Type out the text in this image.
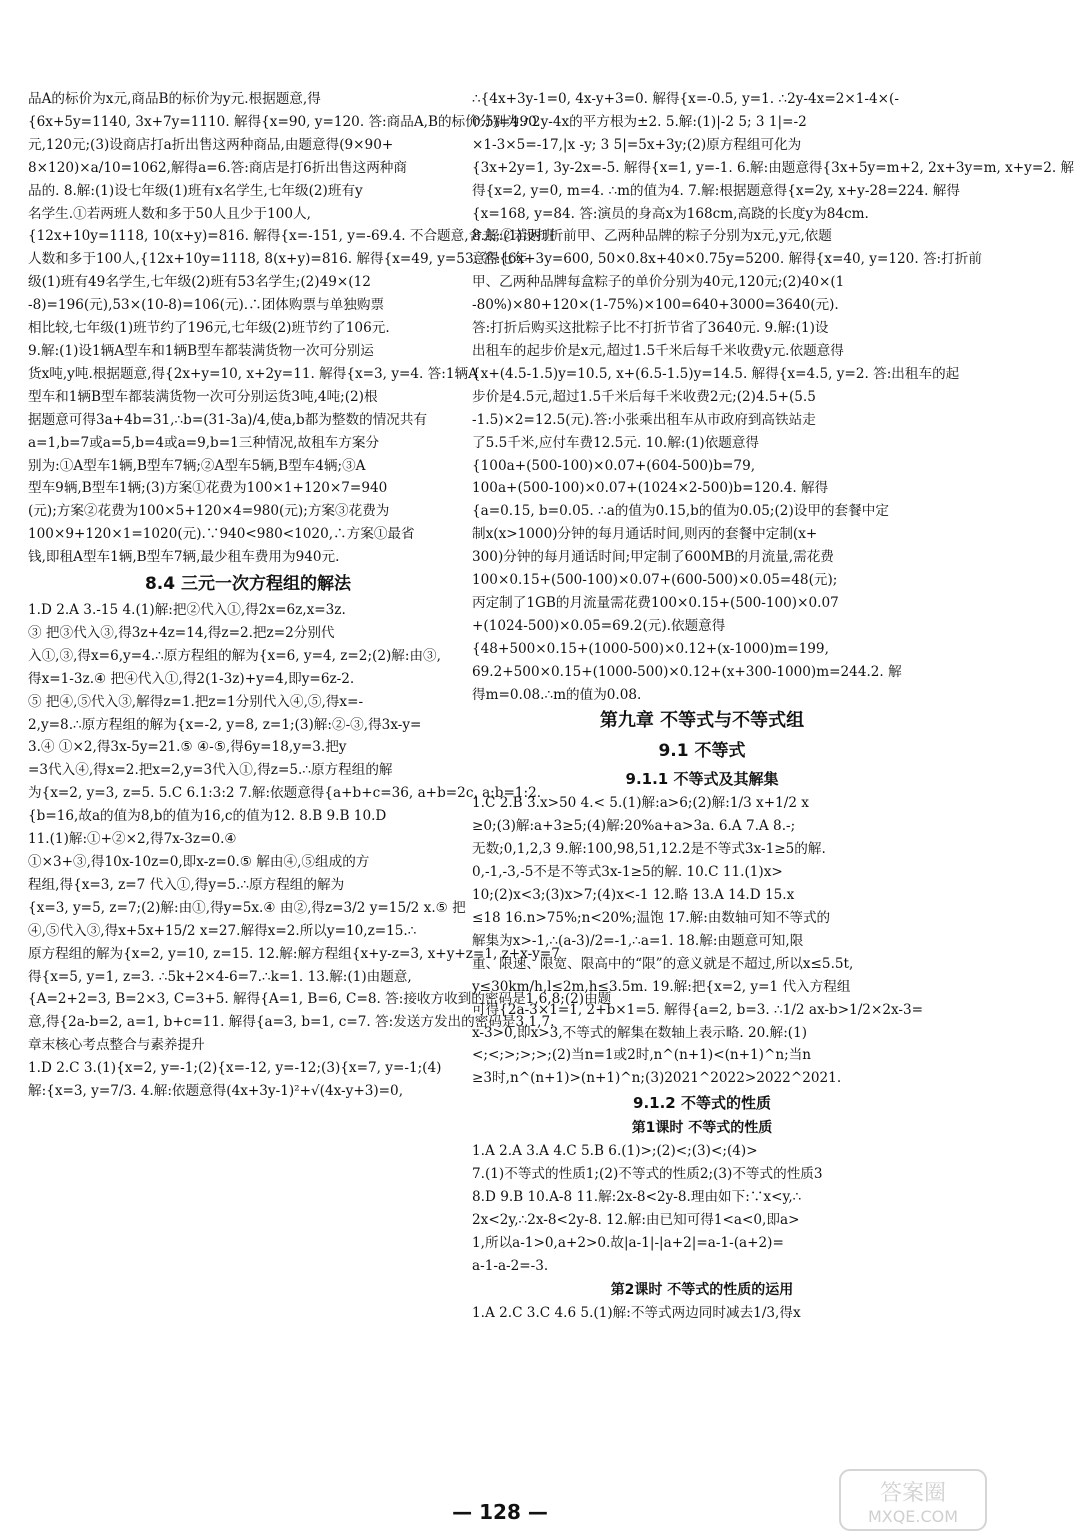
品A的标价为x元,商品B的标价为y元.根据题意,得
{6x+5y=1140, 3x+7y=1110. 解得{x=90, y=120. 答:商品A,B的标价分别为90
元,120元;(3)设商店打a折出售这两种商品,由题意得(9×90+
8×120)×a/10=1062,解得a=6.答:商店是打6折出售这两种商
品的. 8.解:(1)设七年级(1)班有x名学生,七年级(2)班有y
名学生.①若两班人数和多于50人且少于100人,
{12x+10y=1118, 10(x+y)=816. 解得{x=-151, y=-69.4. 不合题意,舍去;②若两班
人数和多于100人,{12x+10y=1118, 8(x+y)=816. 解得{x=49, y=53. 答:七年
级(1)班有49名学生,七年级(2)班有53名学生;(2)49×(12
-8)=196(元),53×(10-8)=106(元).∴团体购票与单独购票
相比较,七年级(1)班节约了196元,七年级(2)班节约了106元.
9.解:(1)设1辆A型车和1辆B型车都装满货物一次可分别运
货x吨,y吨.根据题意,得{2x+y=10, x+2y=11. 解得{x=3, y=4. 答:1辆A
型车和1辆B型车都装满货物一次可分别运货3吨,4吨;(2)根
据题意可得3a+4b=31,∴b=(31-3a)/4,使a,b都为整数的情况共有
a=1,b=7或a=5,b=4或a=9,b=1三种情况,故租车方案分
别为:①A型车1辆,B型车7辆;②A型车5辆,B型车4辆;③A
型车9辆,B型车1辆;(3)方案①花费为100×1+120×7=940
(元);方案②花费为100×5+120×4=980(元);方案③花费为
100×9+120×1=1020(元).∵940<980<1020,∴方案①最省
钱,即租A型车1辆,B型车7辆,最少租车费用为940元.
8.4 三元一次方程组的解法
1.D 2.A 3.-15 4.(1)解:把②代入①,得2x=6z,x=3z.
③ 把③代入③,得3z+4z=14,得z=2.把z=2分别代
入①,③,得x=6,y=4.∴原方程组的解为{x=6, y=4, z=2;(2)解:由③,
得x=1-3z.④ 把④代入①,得2(1-3z)+y=4,即y=6z-2.
⑤ 把④,⑤代入③,解得z=1.把z=1分别代入④,⑤,得x=-
2,y=8.∴原方程组的解为{x=-2, y=8, z=1;(3)解:②-③,得3x-y=
3.④ ①×2,得3x-5y=21.⑤ ④-⑤,得6y=18,y=3.把y
=3代入④,得x=2.把x=2,y=3代入①,得z=5.∴原方程组的解
为{x=2, y=3, z=5. 5.C 6.1:3:2 7.解:依题意得{a+b+c=36, a+b=2c, a:b=1:2.
{b=16,故a的值为8,b的值为16,c的值为12. 8.B 9.B 10.D
11.(1)解:①+②×2,得7x-3z=0.④
①×3+③,得10x-10z=0,即x-z=0.⑤ 解由④,⑤组成的方
程组,得{x=3, z=7 代入①,得y=5.∴原方程组的解为
{x=3, y=5, z=7;(2)解:由①,得y=5x.④ 由②,得z=3/2 y=15/2 x.⑤ 把
④,⑤代入③,得x+5x+15/2 x=27.解得x=2.所以y=10,z=15.∴
原方程组的解为{x=2, y=10, z=15. 12.解:解方程组{x+y-z=3, x+y+z=1, z+x-y=7
得{x=5, y=1, z=3. ∴5k+2×4-6=7.∴k=1. 13.解:(1)由题意,
{A=2+2=3, B=2×3, C=3+5. 解得{A=1, B=6, C=8. 答:接收方收到的密码是1,6,8;(2)由题
意,得{2a-b=2, a=1, b+c=11. 解得{a=3, b=1, c=7. 答:发送方发出的密码是3,1,7.
章末核心考点整合与素养提升
1.D 2.C 3.(1){x=2, y=-1;(2){x=-12, y=-12;(3){x=7, y=-1;(4)
解:{x=3, y=7/3. 4.解:依题意得(4x+3y-1)²+√(4x-y+3)=0,
∴{4x+3y-1=0, 4x-y+3=0. 解得{x=-0.5, y=1. ∴2y-4x=2×1-4×(-
0.5)=4.∴2y-4x的平方根为±2. 5.解:(1)|-2 5; 3 1|=-2
×1-3×5=-17,|x -y; 3 5|=5x+3y;(2)原方程组可化为
{3x+2y=1, 3y-2x=-5. 解得{x=1, y=-1. 6.解:由题意得{3x+5y=m+2, 2x+3y=m, x+y=2. 解
得{x=2, y=0, m=4. ∴m的值为4. 7.解:根据题意得{x=2y, x+y-28=224. 解得
{x=168, y=84. 答:演员的身高x为168cm,高跷的长度y为84cm.
8.解:(1)设打折前甲、乙两种品牌的粽子分别为x元,y元,依题
意得{6x+3y=600, 50×0.8x+40×0.75y=5200. 解得{x=40, y=120. 答:打折前
甲、乙两种品牌每盒粽子的单价分别为40元,120元;(2)40×(1
-80%)×80+120×(1-75%)×100=640+3000=3640(元).
答:打折后购买这批粽子比不打折节省了3640元. 9.解:(1)设
出租车的起步价是x元,超过1.5千米后每千米收费y元.依题意得
{x+(4.5-1.5)y=10.5, x+(6.5-1.5)y=14.5. 解得{x=4.5, y=2. 答:出租车的起
步价是4.5元,超过1.5千米后每千米收费2元;(2)4.5+(5.5
-1.5)×2=12.5(元).答:小张乘出租车从市政府到高铁站走
了5.5千米,应付车费12.5元. 10.解:(1)依题意得
{100a+(500-100)×0.07+(604-500)b=79,
100a+(500-100)×0.07+(1024×2-500)b=120.4. 解得
{a=0.15, b=0.05. ∴a的值为0.15,b的值为0.05;(2)设甲的套餐中定
制x(x>1000)分钟的每月通话时间,则丙的套餐中定制(x+
300)分钟的每月通话时间;甲定制了600MB的月流量,需花费
100×0.15+(500-100)×0.07+(600-500)×0.05=48(元);
丙定制了1GB的月流量需花费100×0.15+(500-100)×0.07
+(1024-500)×0.05=69.2(元).依题意得
{48+500×0.15+(1000-500)×0.12+(x-1000)m=199,
69.2+500×0.15+(1000-500)×0.12+(x+300-1000)m=244.2. 解
得m=0.08.∴m的值为0.08.
第九章 不等式与不等式组
9.1 不等式
9.1.1 不等式及其解集
1.C 2.B 3.x>50 4.< 5.(1)解:a>6;(2)解:1/3 x+1/2 x
≥0;(3)解:a+3≥5;(4)解:20%a+a>3a. 6.A 7.A 8.-;
无数;0,1,2,3 9.解:100,98,51,12.2是不等式3x-1≥5的解.
0,-1,-3,-5不是不等式3x-1≥5的解. 10.C 11.(1)x>
10;(2)x<3;(3)x>7;(4)x<-1 12.略 13.A 14.D 15.x
≤18 16.n>75%;n<20%;温饱 17.解:由数轴可知不等式的
解集为x>-1,∴(a-3)/2=-1,∴a=1. 18.解:由题意可知,限
重、限速、限宽、限高中的“限”的意义就是不超过,所以x≤5.5t,
y≤30km/h,l≤2m,h≤3.5m. 19.解:把{x=2, y=1 代入方程组
可得{2a-3×1=1, 2+b×1=5. 解得{a=2, b=3. ∴1/2 ax-b>1/2×2x-3=
x-3>0,即x>3,不等式的解集在数轴上表示略. 20.解:(1)
<;<;>;>;>;(2)当n=1或2时,n^(n+1)<(n+1)^n;当n
≥3时,n^(n+1)>(n+1)^n;(3)2021^2022>2022^2021.
9.1.2 不等式的性质
第1课时 不等式的性质
1.A 2.A 3.A 4.C 5.B 6.(1)>;(2)<;(3)<;(4)>
7.(1)不等式的性质1;(2)不等式的性质2;(3)不等式的性质3
8.D 9.B 10.A-8 11.解:2x-8<2y-8.理由如下:∵x<y,∴
2x<2y,∴2x-8<2y-8. 12.解:由已知可得1<a<0,即a>
1,所以a-1>0,a+2>0.故|a-1|-|a+2|=a-1-(a+2)=
a-1-a-2=-3.
第2课时 不等式的性质的运用
1.A 2.C 3.C 4.6 5.(1)解:不等式两边同时减去1/3,得x
— 128 —
答案圈
MXQE.COM
